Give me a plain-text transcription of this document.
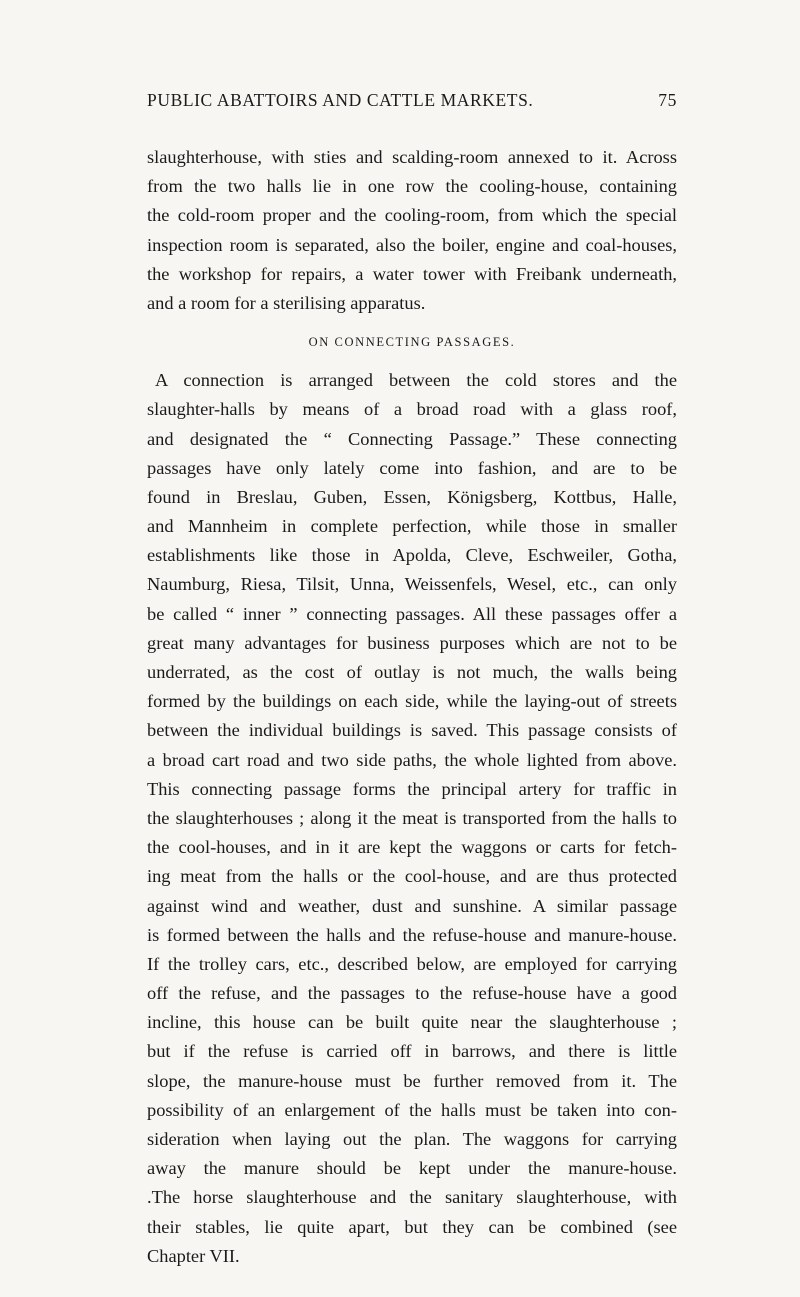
PUBLIC ABATTOIRS AND CATTLE MARKETS.	75
slaughterhouse, with sties and scalding-room annexed to it. Across
from the two halls lie in one row the cooling-house, containing
the cold-room proper and the cooling-room, from which the special
inspection room is separated, also the boiler, engine and coal-houses,
the workshop for repairs, a water tower with Freibank underneath,
and a room for a sterilising apparatus.
ON CONNECTING PASSAGES.
A connection is arranged between the cold stores and the
slaughter-halls by means of a broad road with a glass roof,
and designated the “ Connecting Passage.” These connecting
passages have only lately come into fashion, and are to be
found in Breslau, Guben, Essen, Königsberg, Kottbus, Halle,
and Mannheim in complete perfection, while those in smaller
establishments like those in Apolda, Cleve, Eschweiler, Gotha,
Naumburg, Riesa, Tilsit, Unna, Weissenfels, Wesel, etc., can only
be called “ inner ” connecting passages. All these passages offer a
great many advantages for business purposes which are not to be
underrated, as the cost of outlay is not much, the walls being
formed by the buildings on each side, while the laying-out of streets
between the individual buildings is saved. This passage consists of
a broad cart road and two side paths, the whole lighted from above.
This connecting passage forms the principal artery for traffic in
the slaughterhouses ; along it the meat is transported from the halls to
the cool-houses, and in it are kept the waggons or carts for fetch-
ing meat from the halls or the cool-house, and are thus protected
against wind and weather, dust and sunshine. A similar passage
is formed between the halls and the refuse-house and manure-house.
If the trolley cars, etc., described below, are employed for carrying
off the refuse, and the passages to the refuse-house have a good
incline, this house can be built quite near the slaughterhouse ;
but if the refuse is carried off in barrows, and there is little
slope, the manure-house must be further removed from it. The
possibility of an enlargement of the halls must be taken into con-
sideration when laying out the plan. The waggons for carrying
away the manure should be kept under the manure-house.
.The horse slaughterhouse and the sanitary slaughterhouse, with
their stables, lie quite apart, but they can be combined (see
Chapter VII.
